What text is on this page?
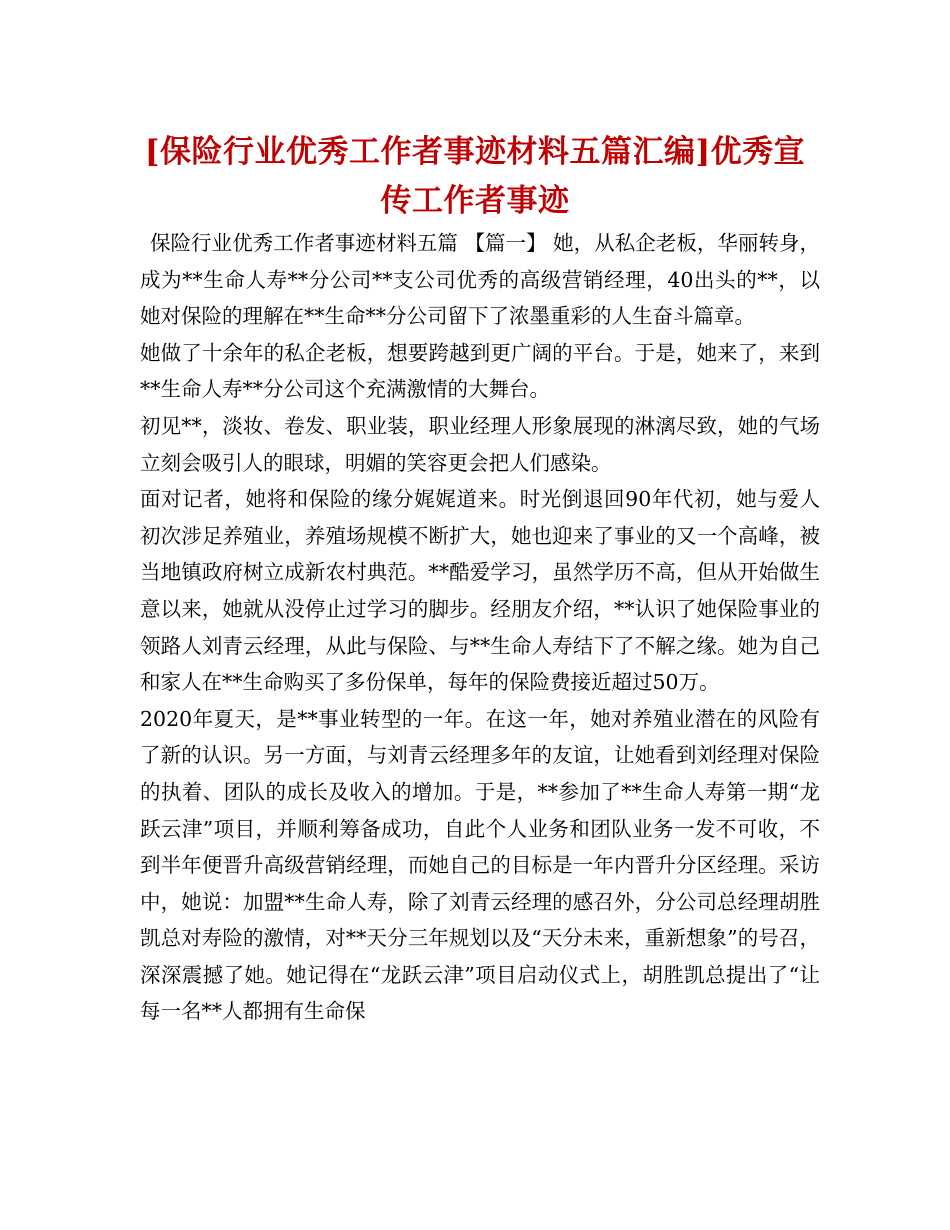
[保险行业优秀工作者事迹材料五篇汇编]优秀宣传工作者事迹

保险行业优秀工作者事迹材料五篇 【篇一】 她，从私企老板，华丽转身，成为**生命人寿**分公司**支公司优秀的高级营销经理，40出头的**，以她对保险的理解在**生命**分公司留下了浓墨重彩的人生奋斗篇章。

她做了十余年的私企老板，想要跨越到更广阔的平台。于是，她来了，来到**生命人寿**分公司这个充满激情的大舞台。

初见**，淡妆、卷发、职业装，职业经理人形象展现的淋漓尽致，她的气场立刻会吸引人的眼球，明媚的笑容更会把人们感染。

面对记者，她将和保险的缘分娓娓道来。时光倒退回90年代初，她与爱人初次涉足养殖业，养殖场规模不断扩大，她也迎来了事业的又一个高峰，被当地镇政府树立成新农村典范。**酷爱学习，虽然学历不高，但从开始做生意以来，她就从没停止过学习的脚步。经朋友介绍，**认识了她保险事业的领路人刘青云经理，从此与保险、与**生命人寿结下了不解之缘。她为自己和家人在**生命购买了多份保单，每年的保险费接近超过50万。

2020年夏天，是**事业转型的一年。在这一年，她对养殖业潜在的风险有了新的认识。另一方面，与刘青云经理多年的友谊，让她看到刘经理对保险的执着、团队的成长及收入的增加。于是，**参加了**生命人寿第一期“龙跃云津”项目，并顺利筹备成功，自此个人业务和团队业务一发不可收，不到半年便晋升高级营销经理，而她自己的目标是一年内晋升分区经理。采访中，她说：加盟**生命人寿，除了刘青云经理的感召外，分公司总经理胡胜凯总对寿险的激情，对**天分三年规划以及“天分未来，重新想象”的号召，深深震撼了她。她记得在“龙跃云津”项目启动仪式上，胡胜凯总提出了“让每一名**人都拥有生命保
